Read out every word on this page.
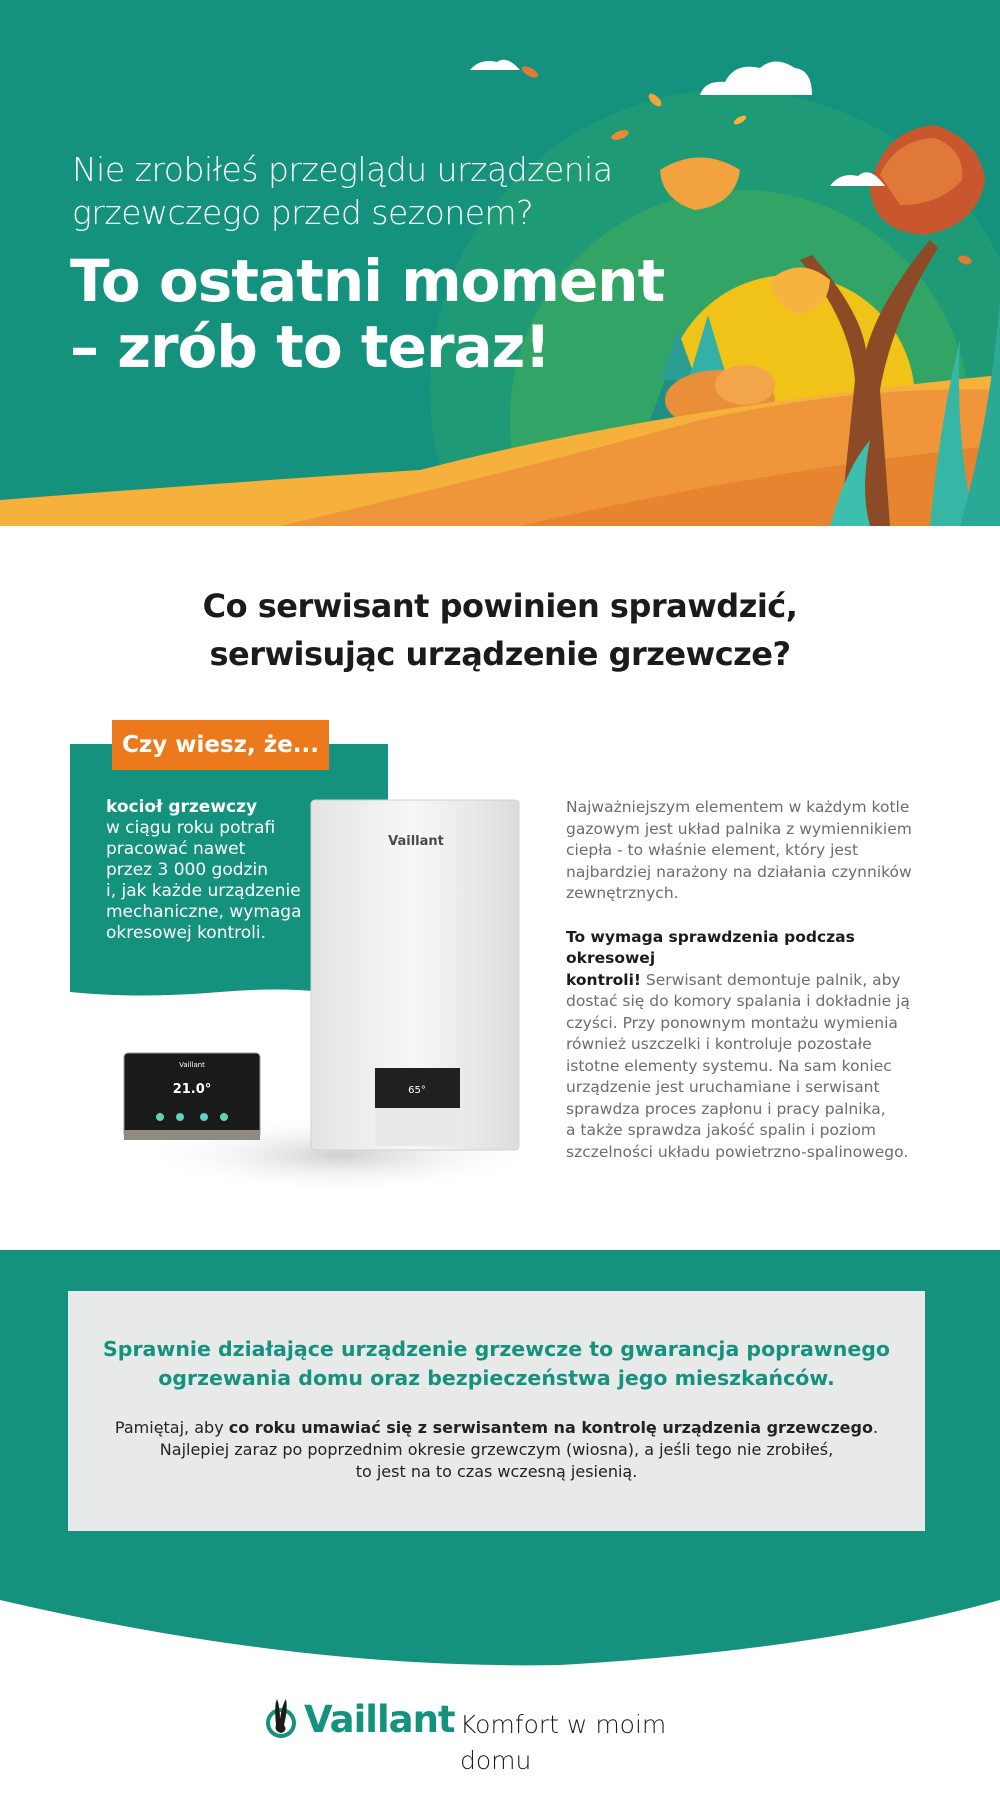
Nie zrobiłeś przeglądu urządzenia
grzewczego przed sezonem?
To ostatni moment
– zrób to teraz!
Co serwisant powinien sprawdzić,
serwisując urządzenie grzewcze?
Czy wiesz, że...
kocioł grzewczy
w ciągu roku potrafi
pracować nawet
przez 3 000 godzin
i, jak każde urządzenie
mechaniczne, wymaga
okresowej kontroli.
Vaillant
65°
Vaillant
21.0°

Najważniejszym elementem w każdym kotle
gazowym jest układ palnika z wymiennikiem
ciepła - to właśnie element, który jest
najbardziej narażony na działania czynników
zewnętrznych.

To wymaga sprawdzenia podczas okresowej
kontroli! Serwisant demontuje palnik, aby
dostać się do komory spalania i dokładnie ją
czyści. Przy ponownym montażu wymienia
również uszczelki i kontroluje pozostałe
istotne elementy systemu. Na sam koniec
urządzenie jest uruchamiane i serwisant
sprawdza proces zapłonu i pracy palnika,
a także sprawdza jakość spalin i poziom
szczelności układu powietrzno-spalinowego.

Sprawnie działające urządzenie grzewcze to gwarancja poprawnego
ogrzewania domu oraz bezpieczeństwa jego mieszkańców.
Pamiętaj, aby co roku umawiać się z serwisantem na kontrolę urządzenia grzewczego.
Najlepiej zaraz po poprzednim okresie grzewczym (wiosna), a jeśli tego nie zrobiłeś,
to jest na to czas wczesną jesienią.
Vaillant Komfort w moim domu
